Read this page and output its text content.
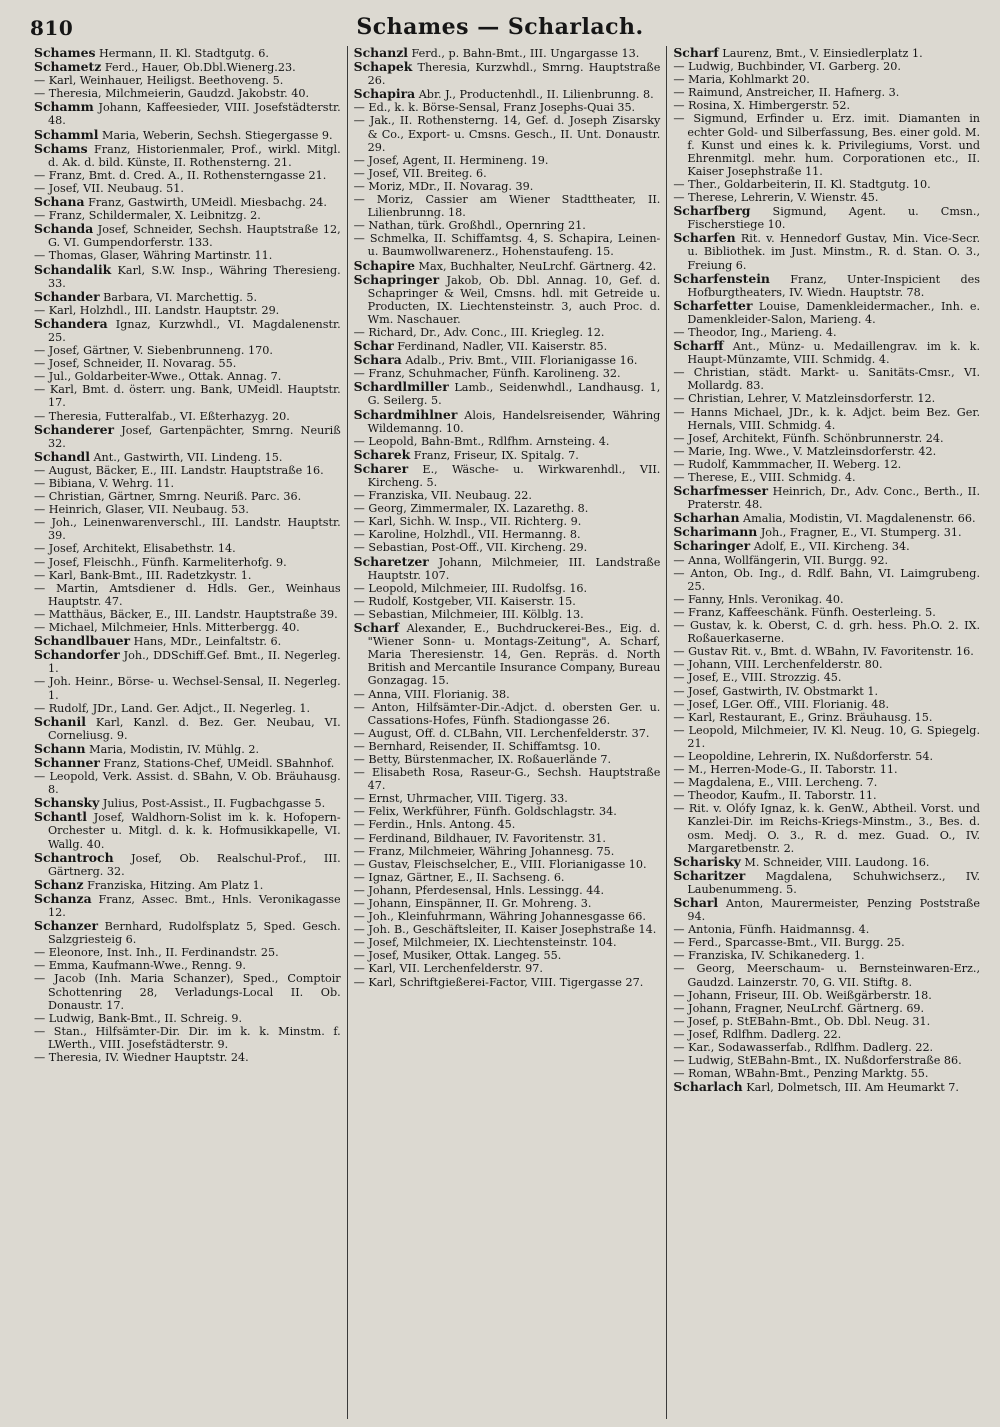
810	Schames — Scharlach.
Schames Hermann, II. Kl. Stadtgutg. 6.
Schametz Ferd., Hauer, Ob.Dbl.Wienerg.23.
— Karl, Weinhauer, Heiligst. Beethoveng. 5.
— Theresia, Milchmeierin, Gaudzd. Jakobstr. 40.
Schamm Johann, Kaffeesieder, VIII. Josefstädterstr. 48.
Schamml Maria, Weberin, Sechsh. Stiegergasse 9.
Schams Franz, Historienmaler, Prof., wirkl. Mitgl. d. Ak. d. bild. Künste, II. Rothensterng. 21.
— Franz, Bmt. d. Cred. A., II. Rothensterngasse 21.
— Josef, VII. Neubaug. 51.
Schana Franz, Gastwirth, UMeidl. Miesbachg. 24.
— Franz, Schildermaler, X. Leibnitzg. 2.
Schanda Josef, Schneider, Sechsh. Hauptstraße 12, G. VI. Gumpendorferstr. 133.
— Thomas, Glaser, Währing Martinstr. 11.
Schandalik Karl, S.W. Insp., Währing Theresieng. 33.
Schander Barbara, VI. Marchettig. 5.
— Karl, Holzhdl., III. Landstr. Hauptstr. 29.
Schandera Ignaz, Kurzwhdl., VI. Magdalenenstr. 25.
— Josef, Gärtner, V. Siebenbrunneng. 170.
— Josef, Schneider, II. Novarag. 55.
— Jul., Goldarbeiter-Wwe., Ottak. Annag. 7.
— Karl, Bmt. d. österr. ung. Bank, UMeidl. Hauptstr. 17.
— Theresia, Futteralfab., VI. Eßterhazyg. 20.
Schanderer Josef, Gartenpächter, Smrng. Neuriß 32.
Schandl Ant., Gastwirth, VII. Lindeng. 15.
— August, Bäcker, E., III. Landstr. Hauptstraße 16.
— Bibiana, V. Wehrg. 11.
— Christian, Gärtner, Smrng. Neuriß. Parc. 36.
— Heinrich, Glaser, VII. Neubaug. 53.
— Joh., Leinenwarenverschl., III. Landstr. Hauptstr. 39.
— Josef, Architekt, Elisabethstr. 14.
— Josef, Fleischh., Fünfh. Karmeliterhofg. 9.
— Karl, Bank-Bmt., III. Radetzkystr. 1.
— Martin, Amtsdiener d. Hdls. Ger., Weinhaus Hauptstr. 47.
— Matthäus, Bäcker, E., III. Landstr. Hauptstraße 39.
— Michael, Milchmeier, Hnls. Mitterbergg. 40.
Schandlbauer Hans, MDr., Leinfaltstr. 6.
Schandorfer Joh., DDSchiff.Gef. Bmt., II. Negerleg. 1.
— Joh. Heinr., Börse- u. Wechsel-Sensal, II. Negerleg. 1.
— Rudolf, JDr., Land. Ger. Adjct., II. Negerleg. 1.
Schanil Karl, Kanzl. d. Bez. Ger. Neubau, VI. Corneliusg. 9.
Schann Maria, Modistin, IV. Mühlg. 2.
Schanner Franz, Stations-Chef, UMeidl. SBahnhof.
— Leopold, Verk. Assist. d. SBahn, V. Ob. Bräuhausg. 8.
Schansky Julius, Post-Assist., II. Fugbachgasse 5.
Schantl Josef, Waldhorn-Solist im k. k. Hofopern-Orchester u. Mitgl. d. k. k. Hofmusikkapelle, VI. Wallg. 40.
Schantroch Josef, Ob. Realschul-Prof., III. Gärtnerg. 32.
Schanz Franziska, Hitzing. Am Platz 1.
Schanza Franz, Assec. Bmt., Hnls. Veronikagasse 12.
Schanzer Bernhard, Rudolfsplatz 5, Sped. Gesch. Salzgriesteig 6.
— Eleonore, Inst. Inh., II. Ferdinandstr. 25.
— Emma, Kaufmann-Wwe., Renng. 9.
— Jacob (Inh. Maria Schanzer), Sped., Comptoir Schottenring 28, Verladungs-Local II. Ob. Donaustr. 17.
— Ludwig, Bank-Bmt., II. Schreig. 9.
— Stan., Hilfsämter-Dir. Dir. im k. k. Minstm. f. LWerth., VIII. Josefstädterstr. 9.
— Theresia, IV. Wiedner Hauptstr. 24.
Schanzl Ferd., p. Bahn-Bmt., III. Ungargasse 13.
Schapek Theresia, Kurzwhdl., Smrng. Hauptstraße 26.
Schapira Abr. J., Productenhdl., II. Lilienbrunng. 8.
— Ed., k. k. Börse-Sensal, Franz Josephs-Quai 35.
— Jak., II. Rothensterng. 14, Gef. d. Joseph Zisarsky & Co., Export- u. Cmsns. Gesch., II. Unt. Donaustr. 29.
— Josef, Agent, II. Hermineng. 19.
— Josef, VII. Breiteg. 6.
— Moriz, MDr., II. Novarag. 39.
— Moriz, Cassier am Wiener Stadttheater, II. Lilienbrunng. 18.
— Nathan, türk. Großhdl., Opernring 21.
— Schmelka, II. Schiffamtsg. 4, S. Schapira, Leinen- u. Baumwollwarenerz., Hohenstaufeng. 15.
Schapire Max, Buchhalter, NeuLrchf. Gärtnerg. 42.
Schapringer Jakob, Ob. Dbl. Annag. 10, Gef. d. Schapringer & Weil, Cmsns. hdl. mit Getreide u. Producten, IX. Liechtensteinstr. 3, auch Proc. d. Wm. Naschauer.
— Richard, Dr., Adv. Conc., III. Kriegleg. 12.
Schar Ferdinand, Nadler, VII. Kaiserstr. 85.
Schara Adalb., Priv. Bmt., VIII. Florianigasse 16.
— Franz, Schuhmacher, Fünfh. Karolineng. 32.
Schardlmiller Lamb., Seidenwhdl., Landhausg. 1, G. Seilerg. 5.
Schardmihlner Alois, Handelsreisender, Währing Wildemanng. 10.
— Leopold, Bahn-Bmt., Rdlfhm. Arnsteing. 4.
Scharek Franz, Friseur, IX. Spitalg. 7.
Scharer E., Wäsche- u. Wirkwarenhdl., VII. Kircheng. 5.
— Franziska, VII. Neubaug. 22.
— Georg, Zimmermaler, IX. Lazarethg. 8.
— Karl, Sichh. W. Insp., VII. Richterg. 9.
— Karoline, Holzhdl., VII. Hermanng. 8.
— Sebastian, Post-Off., VII. Kircheng. 29.
Scharetzer Johann, Milchmeier, III. Landstraße Hauptstr. 107.
— Leopold, Milchmeier, III. Rudolfsg. 16.
— Rudolf, Kostgeber, VII. Kaiserstr. 15.
— Sebastian, Milchmeier, III. Kölblg. 13.
Scharf Alexander, E., Buchdruckerei-Bes., Eig. d. "Wiener Sonn- u. Montags-Zeitung", A. Scharf, Maria Theresienstr. 14, Gen. Repräs. d. North British and Mercantile Insurance Company, Bureau Gonzagag. 15.
— Anna, VIII. Florianig. 38.
— Anton, Hilfsämter-Dir.-Adjct. d. obersten Ger. u. Cassations-Hofes, Fünfh. Stadiongasse 26.
— August, Off. d. CLBahn, VII. Lerchenfelderstr. 37.
— Bernhard, Reisender, II. Schiffamtsg. 10.
— Betty, Bürstenmacher, IX. Roßauerlände 7.
— Elisabeth Rosa, Raseur-G., Sechsh. Hauptstraße 47.
— Ernst, Uhrmacher, VIII. Tigerg. 33.
— Felix, Werkführer, Fünfh. Goldschlagstr. 34.
— Ferdin., Hnls. Antong. 45.
— Ferdinand, Bildhauer, IV. Favoritenstr. 31.
— Franz, Milchmeier, Währing Johannesg. 75.
— Gustav, Fleischselcher, E., VIII. Florianigasse 10.
— Ignaz, Gärtner, E., II. Sachseng. 6.
— Johann, Pferdesensal, Hnls. Lessingg. 44.
— Johann, Einspänner, II. Gr. Mohreng. 3.
— Joh., Kleinfuhrmann, Währing Johannesgasse 66.
— Joh. B., Geschäftsleiter, II. Kaiser Josephstraße 14.
— Josef, Milchmeier, IX. Liechtensteinstr. 104.
— Josef, Musiker, Ottak. Langeg. 55.
— Karl, VII. Lerchenfelderstr. 97.
— Karl, Schriftgießerei-Factor, VIII. Tigergasse 27.
Scharf Laurenz, Bmt., V. Einsiedlerplatz 1.
— Ludwig, Buchbinder, VI. Garberg. 20.
— Maria, Kohlmarkt 20.
— Raimund, Anstreicher, II. Hafnerg. 3.
— Rosina, X. Himbergerstr. 52.
— Sigmund, Erfinder u. Erz. imit. Diamanten in echter Gold- und Silberfassung, Bes. einer gold. M. f. Kunst und eines k. k. Privilegiums, Vorst. und Ehrenmitgl. mehr. hum. Corporationen etc., II. Kaiser Josephstraße 11.
— Ther., Goldarbeiterin, II. Kl. Stadtgutg. 10.
— Therese, Lehrerin, V. Wienstr. 45.
Scharfberg Sigmund, Agent. u. Cmsn., Fischerstiege 10.
Scharfen Rit. v. Hennedorf Gustav, Min. Vice-Secr. u. Bibliothek. im Just. Minstm., R. d. Stan. O. 3., Freiung 6.
Scharfenstein Franz, Unter-Inspicient des Hofburgtheaters, IV. Wiedn. Hauptstr. 78.
Scharfetter Louise, Damenkleidermacher., Inh. e. Damenkleider-Salon, Marieng. 4.
— Theodor, Ing., Marieng. 4.
Scharff Ant., Münz- u. Medaillengrav. im k. k. Haupt-Münzamte, VIII. Schmidg. 4.
— Christian, städt. Markt- u. Sanitäts-Cmsr., VI. Mollardg. 83.
— Christian, Lehrer, V. Matzleinsdorferstr. 12.
— Hanns Michael, JDr., k. k. Adjct. beim Bez. Ger. Hernals, VIII. Schmidg. 4.
— Josef, Architekt, Fünfh. Schönbrunnerstr. 24.
— Marie, Ing. Wwe., V. Matzleinsdorferstr. 42.
— Rudolf, Kammmacher, II. Weberg. 12.
— Therese, E., VIII. Schmidg. 4.
Scharfmesser Heinrich, Dr., Adv. Conc., Berth., II. Praterstr. 48.
Scharhan Amalia, Modistin, VI. Magdalenenstr. 66.
Scharimann Joh., Fragner, E., VI. Stumperg. 31.
Scharinger Adolf, E., VII. Kircheng. 34.
— Anna, Wollfängerin, VII. Burgg. 92.
— Anton, Ob. Ing., d. Rdlf. Bahn, VI. Laimgrubeng. 25.
— Fanny, Hnls. Veronikag. 40.
— Franz, Kaffeeschänk. Fünfh. Oesterleing. 5.
— Gustav, k. k. Oberst, C. d. grh. hess. Ph.O. 2. IX. Roßauerkaserne.
— Gustav Rit. v., Bmt. d. WBahn, IV. Favoritenstr. 16.
— Johann, VIII. Lerchenfelderstr. 80.
— Josef, E., VIII. Strozzig. 45.
— Josef, Gastwirth, IV. Obstmarkt 1.
— Josef, LGer. Off., VIII. Florianig. 48.
— Karl, Restaurant, E., Grinz. Bräuhausg. 15.
— Leopold, Milchmeier, IV. Kl. Neug. 10, G. Spiegelg. 21.
— Leopoldine, Lehrerin, IX. Nußdorferstr. 54.
— M., Herren-Mode-G., II. Taborstr. 11.
— Magdalena, E., VIII. Lercheng. 7.
— Theodor, Kaufm., II. Taborstr. 11.
— Rit. v. Olófy Ignaz, k. k. GenW., Abtheil. Vorst. und Kanzlei-Dir. im Reichs-Kriegs-Minstm., 3., Bes. d. osm. Medj. O. 3., R. d. mez. Guad. O., IV. Margaretbenstr. 2.
Scharisky M. Schneider, VIII. Laudong. 16.
Scharitzer Magdalena, Schuhwichserz., IV. Laubenummeng. 5.
Scharl Anton, Maurermeister, Penzing Poststraße 94.
— Antonia, Fünfh. Haidmannsg. 4.
— Ferd., Sparcasse-Bmt., VII. Burgg. 25.
— Franziska, IV. Schikanederg. 1.
— Georg, Meerschaum- u. Bernsteinwaren-Erz., Gaudzd. Lainzerstr. 70, G. VII. Stiftg. 8.
— Johann, Friseur, III. Ob. Weißgärberstr. 18.
— Johann, Fragner, NeuLrchf. Gärtnerg. 69.
— Josef, p. StEBahn-Bmt., Ob. Dbl. Neug. 31.
— Josef, Rdlfhm. Dadlerg. 22.
— Kar., Sodawasserfab., Rdlfhm. Dadlerg. 22.
— Ludwig, StEBahn-Bmt., IX. Nußdorferstraße 86.
— Roman, WBahn-Bmt., Penzing Marktg. 55.
Scharlach Karl, Dolmetsch, III. Am Heumarkt 7.
